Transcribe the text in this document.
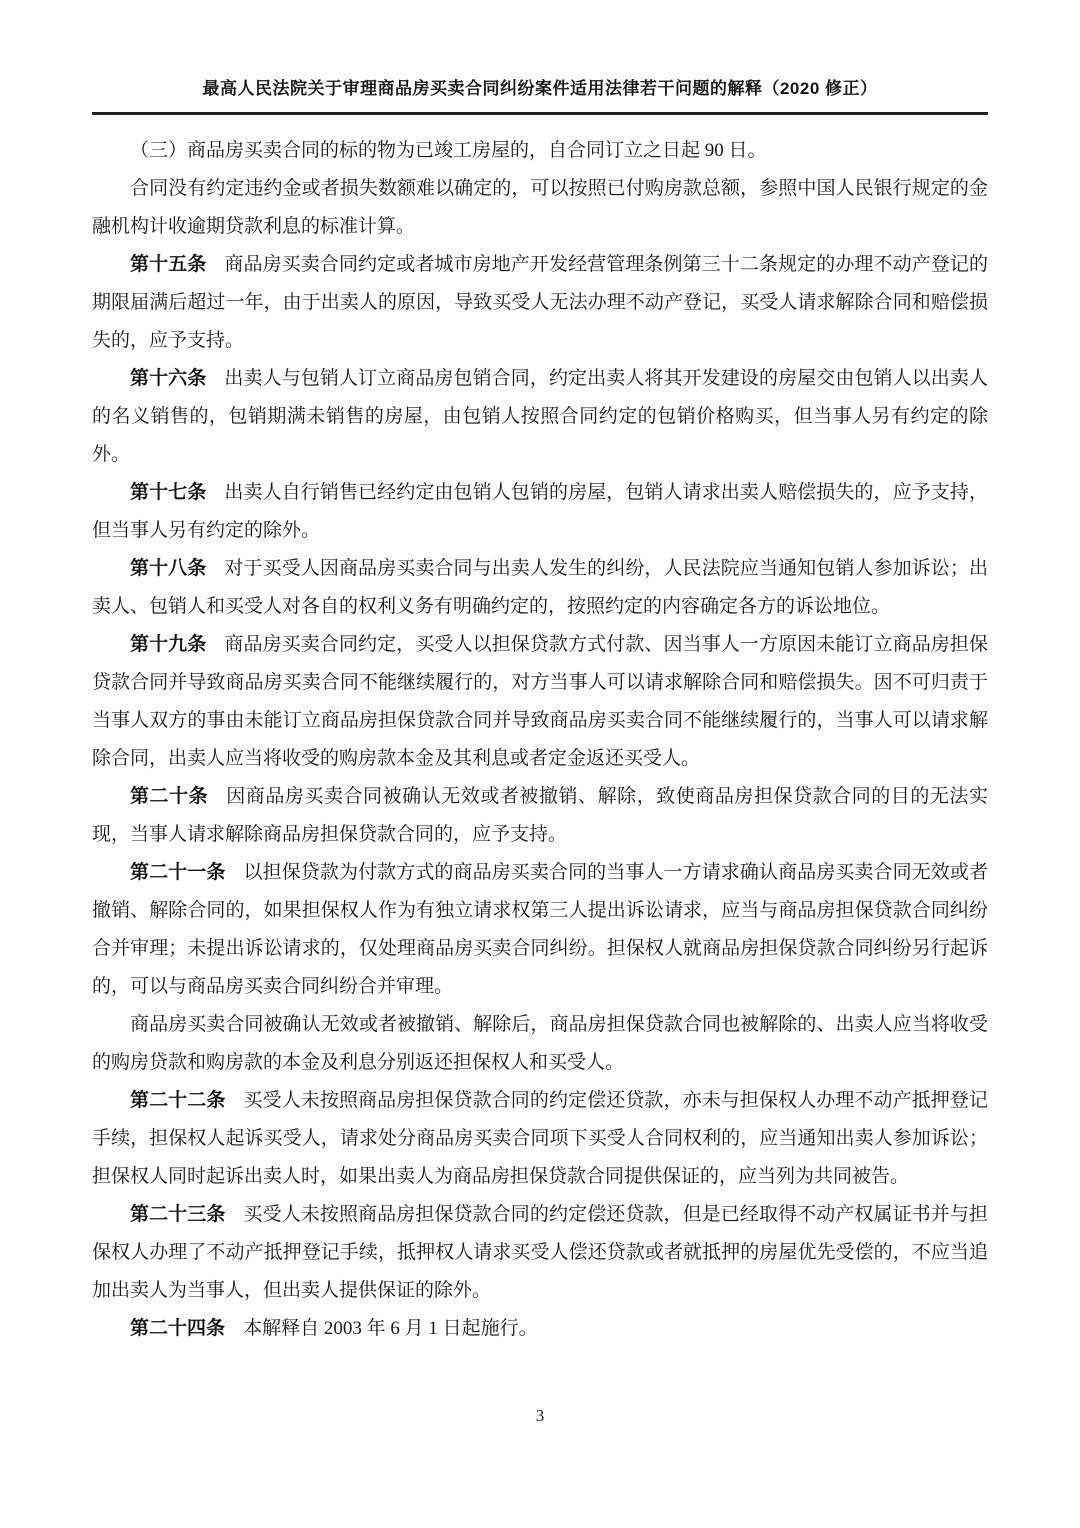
最高人民法院关于审理商品房买卖合同纠纷案件适用法律若干问题的解释（2020 修正）

（三）商品房买卖合同的标的物为已竣工房屋的，自合同订立之日起 90 日。

合同没有约定违约金或者损失数额难以确定的，可以按照已付购房款总额，参照中国人民银行规定的金融机构计收逾期贷款利息的标准计算。

第十五条 商品房买卖合同约定或者城市房地产开发经营管理条例第三十二条规定的办理不动产登记的期限届满后超过一年，由于出卖人的原因，导致买受人无法办理不动产登记，买受人请求解除合同和赔偿损失的，应予支持。

第十六条 出卖人与包销人订立商品房包销合同，约定出卖人将其开发建设的房屋交由包销人以出卖人的名义销售的，包销期满未销售的房屋，由包销人按照合同约定的包销价格购买，但当事人另有约定的除外。

第十七条 出卖人自行销售已经约定由包销人包销的房屋，包销人请求出卖人赔偿损失的，应予支持，但当事人另有约定的除外。

第十八条 对于买受人因商品房买卖合同与出卖人发生的纠纷，人民法院应当通知包销人参加诉讼；出卖人、包销人和买受人对各自的权利义务有明确约定的，按照约定的内容确定各方的诉讼地位。

第十九条 商品房买卖合同约定，买受人以担保贷款方式付款、因当事人一方原因未能订立商品房担保贷款合同并导致商品房买卖合同不能继续履行的，对方当事人可以请求解除合同和赔偿损失。因不可归责于当事人双方的事由未能订立商品房担保贷款合同并导致商品房买卖合同不能继续履行的，当事人可以请求解除合同，出卖人应当将收受的购房款本金及其利息或者定金返还买受人。

第二十条 因商品房买卖合同被确认无效或者被撤销、解除，致使商品房担保贷款合同的目的无法实现，当事人请求解除商品房担保贷款合同的，应予支持。

第二十一条 以担保贷款为付款方式的商品房买卖合同的当事人一方请求确认商品房买卖合同无效或者撤销、解除合同的，如果担保权人作为有独立请求权第三人提出诉讼请求，应当与商品房担保贷款合同纠纷合并审理；未提出诉讼请求的，仅处理商品房买卖合同纠纷。担保权人就商品房担保贷款合同纠纷另行起诉的，可以与商品房买卖合同纠纷合并审理。

商品房买卖合同被确认无效或者被撤销、解除后，商品房担保贷款合同也被解除的、出卖人应当将收受的购房贷款和购房款的本金及利息分别返还担保权人和买受人。

第二十二条 买受人未按照商品房担保贷款合同的约定偿还贷款，亦未与担保权人办理不动产抵押登记手续，担保权人起诉买受人，请求处分商品房买卖合同项下买受人合同权利的，应当通知出卖人参加诉讼；担保权人同时起诉出卖人时，如果出卖人为商品房担保贷款合同提供保证的，应当列为共同被告。

第二十三条 买受人未按照商品房担保贷款合同的约定偿还贷款，但是已经取得不动产权属证书并与担保权人办理了不动产抵押登记手续，抵押权人请求买受人偿还贷款或者就抵押的房屋优先受偿的，不应当追加出卖人为当事人，但出卖人提供保证的除外。

第二十四条 本解释自 2003 年 6 月 1 日起施行。

3
